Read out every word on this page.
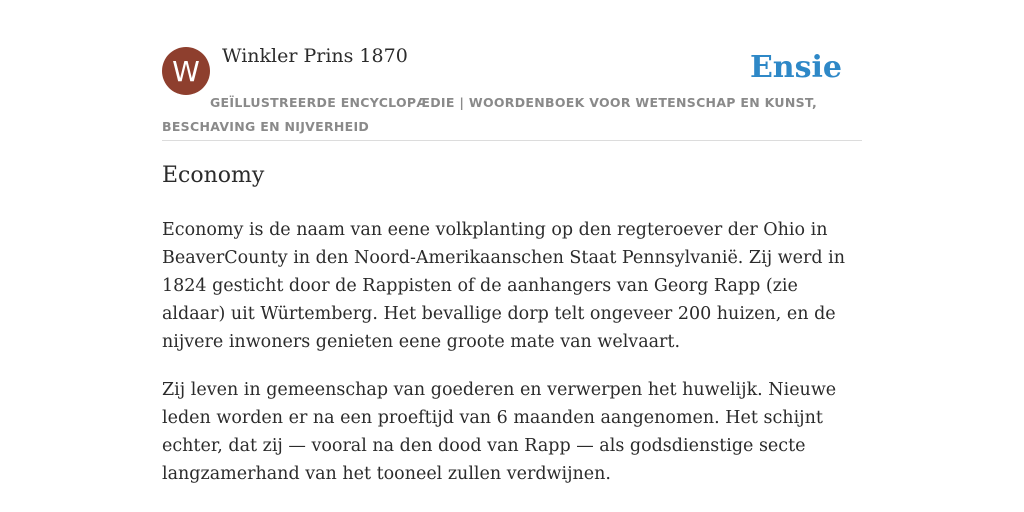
W	Winkler Prins 1870	Ensie
GEÏLLUSTREERDE ENCYCLOPÆDIE | WOORDENBOEK VOOR WETENSCHAP EN KUNST, BESCHAVING EN NIJVERHEID
Economy

Economy is de naam van eene volkplanting op den regteroever der Ohio in BeaverCounty in den Noord-Amerikaanschen Staat Pennsylvanië. Zij werd in 1824 gesticht door de Rappisten of de aanhangers van Georg Rapp (zie aldaar) uit Würtemberg. Het bevallige dorp telt ongeveer 200 huizen, en de nijvere inwoners genieten eene groote mate van welvaart.

Zij leven in gemeenschap van goederen en verwerpen het huwelijk. Nieuwe leden worden er na een proeftijd van 6 maanden aangenomen. Het schijnt echter, dat zij — vooral na den dood van Rapp — als godsdienstige secte langzamerhand van het tooneel zullen verdwijnen.
